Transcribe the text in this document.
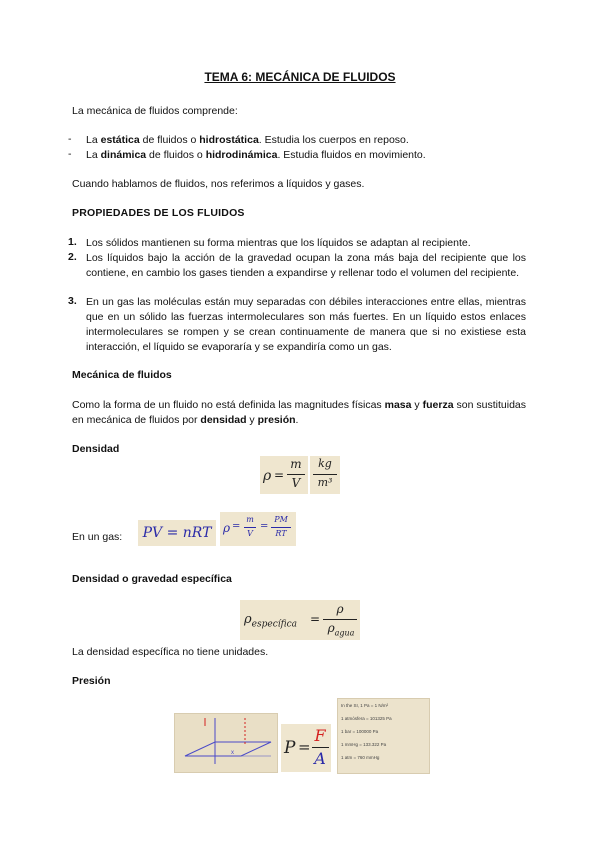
TEMA 6: MECÁNICA DE FLUIDOS
La mecánica de fluidos comprende:
- La estática de fluidos o hidrostática. Estudia los cuerpos en reposo.
- La dinámica de fluidos o hidrodinámica. Estudia fluidos en movimiento.
Cuando hablamos de fluidos, nos referimos a líquidos y gases.
PROPIEDADES DE LOS FLUIDOS
1. Los sólidos mantienen su forma mientras que los líquidos se adaptan al recipiente.
2. Los líquidos bajo la acción de la gravedad ocupan la zona más baja del recipiente que los contiene, en cambio los gases tienden a expandirse y rellenar todo el volumen del recipiente.
3. En un gas las moléculas están muy separadas con débiles interacciones entre ellas, mientras que en un sólido las fuerzas intermoleculares son más fuertes. En un líquido estos enlaces intermoleculares se rompen y se crean continuamente de manera que si no existiese esta interacción, el líquido se evaporaría y se expandiría como un gas.
Mecánica de fluidos
Como la forma de un fluido no está definida las magnitudes físicas masa y fuerza son sustituidas en mecánica de fluidos por densidad y presión.
Densidad
ρ =
m
V
kg
m³
En un gas:	PV = nRT ρ =
m
V
=
PM
RT
Densidad o gravedad específica
$\rho_{específica}$ =
ρ
$\rho_{agua}$
La densidad específica no tiene unidades.
Presión
x	P =
F
A
In the SI, 1 Pa = 1 N/m²
1 atmósfera = 101325 Pa
1 bar = 100000 Pa
1 mmHg = 133.322 Pa
1 atm = 760 mmHg
